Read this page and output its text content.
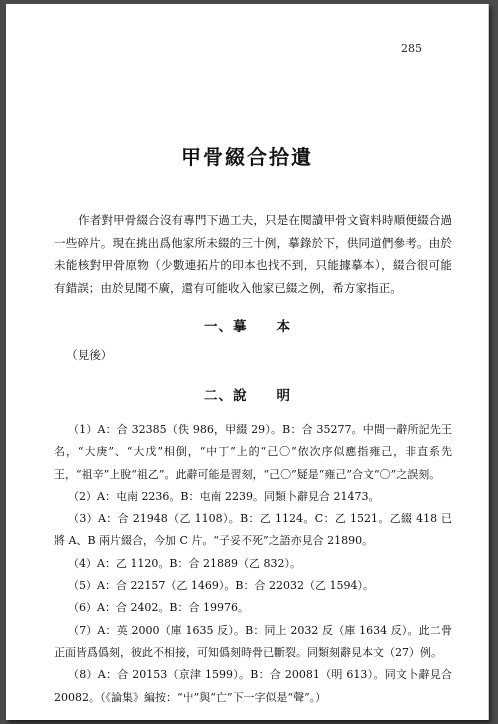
285
甲骨綴合拾遺

作者對甲骨綴合沒有專門下過工夫，只是在閱讀甲骨文資料時順便綴合過一些碎片。現在挑出爲他家所未綴的三十例，摹錄於下，供同道們參考。由於未能核對甲骨原物（少數連拓片的印本也找不到，只能據摹本），綴合很可能有錯誤；由於見聞不廣，還有可能收入他家已綴之例，希方家指正。

一、摹 本
（見後）
二、說 明
（1）A：合 32385（佚 986，甲綴 29）。B：合 35277。中間一辭所記先王名，“大庚”、“大戊”相倒，“中丁”上的“己〇”依次序似應指雍己，非直系先王，“祖辛”上脫“祖乙”。此辭可能是習刻，“己〇”疑是“雍己”合文“〇”之誤刻。
（2）A：屯南 2236。B：屯南 2239。同類卜辭見合 21473。
（3）A：合 21948（乙 1108）。B：乙 1124。C：乙 1521。乙綴 418 已將 A、B 兩片綴合，今加 C 片。“子妥不死”之語亦見合 21890。
（4）A：乙 1120。B：合 21889（乙 832）。
（5）A：合 22157（乙 1469）。B：合 22032（乙 1594）。
（6）A：合 2402。B：合 19976。
（7）A：英 2000（庫 1635 反）。B：同上 2032 反（庫 1634 反）。此二骨正面皆爲僞刻，彼此不相接，可知僞刻時骨已斷裂。同類刻辭見本文（27）例。
（8）A：合 20153（京津 1599）。B：合 20081（明 613）。同文卜辭見合 20082。（《論集》編按：“屮”與“亡”下一字似是“聲”。）
